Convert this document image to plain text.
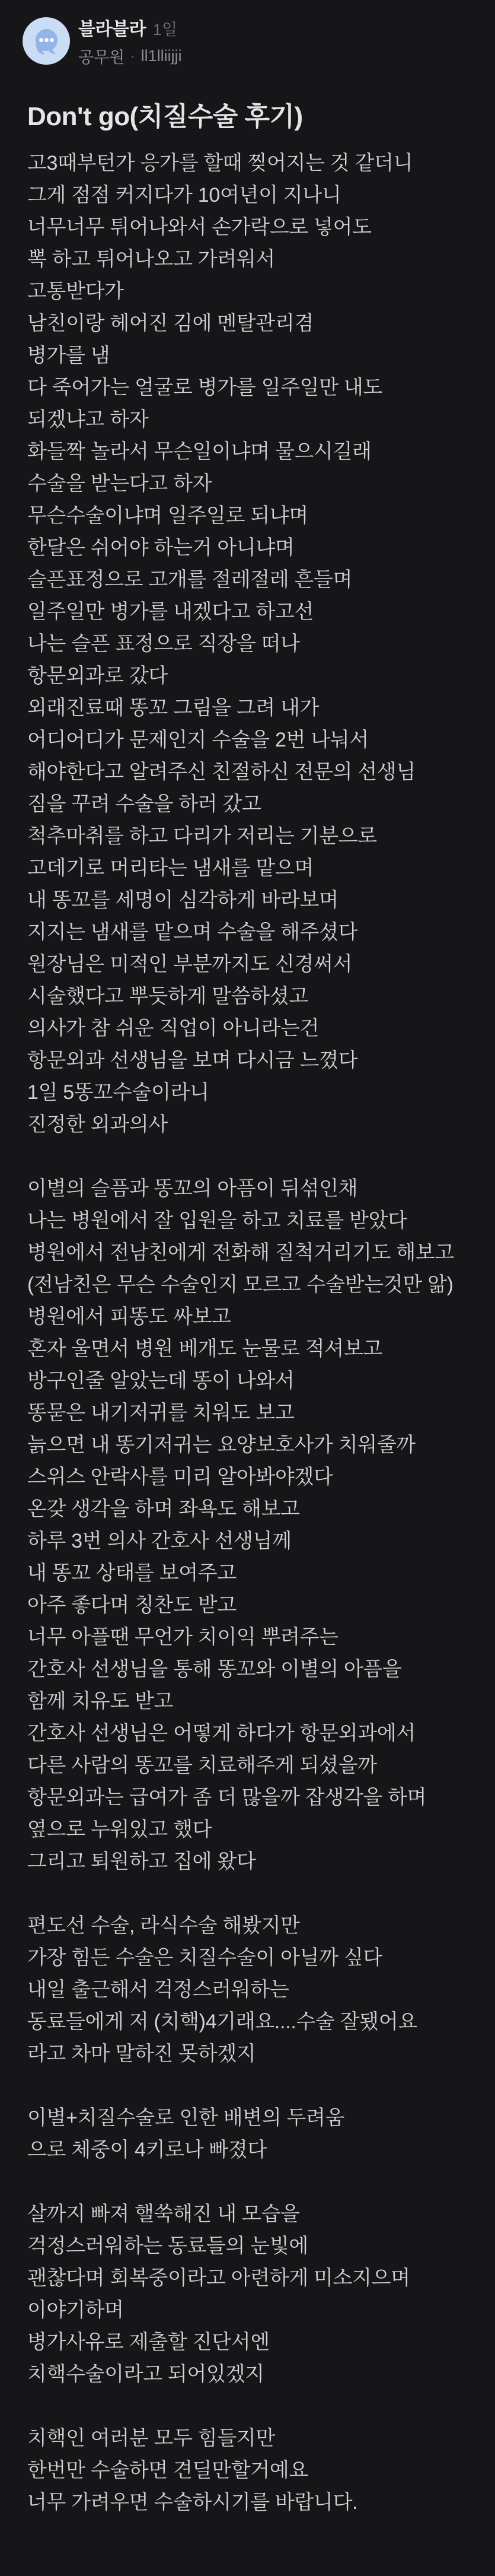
블라블라 1일
공무원 · ll1lliijji
Don't go(치질수술 후기)
고3때부턴가 응가를 할때 찢어지는 것 같더니
그게 점점 커지다가 10여년이 지나니
너무너무 튀어나와서 손가락으로 넣어도
뽁 하고 튀어나오고 가려워서
고통받다가
남친이랑 헤어진 김에 멘탈관리겸
병가를 냄
다 죽어가는 얼굴로 병가를 일주일만 내도
되겠냐고 하자
화들짝 놀라서 무슨일이냐며 물으시길래
수술을 받는다고 하자
무슨수술이냐며 일주일로 되냐며
한달은 쉬어야 하는거 아니냐며
슬픈표정으로 고개를 절레절레 흔들며
일주일만 병가를 내겠다고 하고선
나는 슬픈 표정으로 직장을 떠나
항문외과로 갔다
외래진료때 똥꼬 그림을 그려 내가
어디어디가 문제인지 수술을 2번 나눠서
해야한다고 알려주신 친절하신 전문의 선생님
짐을 꾸려 수술을 하러 갔고
척추마취를 하고 다리가 저리는 기분으로
고데기로 머리타는 냄새를 맡으며
내 똥꼬를 세명이 심각하게 바라보며
지지는 냄새를 맡으며 수술을 해주셨다
원장님은 미적인 부분까지도 신경써서
시술했다고 뿌듯하게 말씀하셨고
의사가 참 쉬운 직업이 아니라는건
항문외과 선생님을 보며 다시금 느꼈다
1일 5똥꼬수술이라니
진정한 외과의사
이별의 슬픔과 똥꼬의 아픔이 뒤섞인채
나는 병원에서 잘 입원을 하고 치료를 받았다
병원에서 전남친에게 전화해 질척거리기도 해보고
(전남친은 무슨 수술인지 모르고 수술받는것만 앎)
병원에서 피똥도 싸보고
혼자 울면서 병원 베개도 눈물로 적셔보고
방구인줄 알았는데 똥이 나와서
똥묻은 내기저귀를 치워도 보고
늙으면 내 똥기저귀는 요양보호사가 치워줄까
스위스 안락사를 미리 알아봐야겠다
온갖 생각을 하며 좌욕도 해보고
하루 3번 의사 간호사 선생님께
내 똥꼬 상태를 보여주고
아주 좋다며 칭찬도 받고
너무 아플땐 무언가 치이익 뿌려주는
간호사 선생님을 통해 똥꼬와 이별의 아픔을
함께 치유도 받고
간호사 선생님은 어떻게 하다가 항문외과에서
다른 사람의 똥꼬를 치료해주게 되셨을까
항문외과는 급여가 좀 더 많을까 잡생각을 하며
옆으로 누워있고 했다
그리고 퇴원하고 집에 왔다
편도선 수술, 라식수술 해봤지만
가장 힘든 수술은 치질수술이 아닐까 싶다
내일 출근해서 걱정스러워하는
동료들에게 저 (치핵)4기래요....수술 잘됐어요
라고 차마 말하진 못하겠지
이별+치질수술로 인한 배변의 두려움
으로 체중이 4키로나 빠졌다
살까지 빠져 핼쑥해진 내 모습을
걱정스러워하는 동료들의 눈빛에
괜찮다며 회복중이라고 아련하게 미소지으며
이야기하며
병가사유로 제출할 진단서엔
치핵수술이라고 되어있겠지
치핵인 여러분 모두 힘들지만
한번만 수술하면 견딜만할거예요
너무 가려우면 수술하시기를 바랍니다.
